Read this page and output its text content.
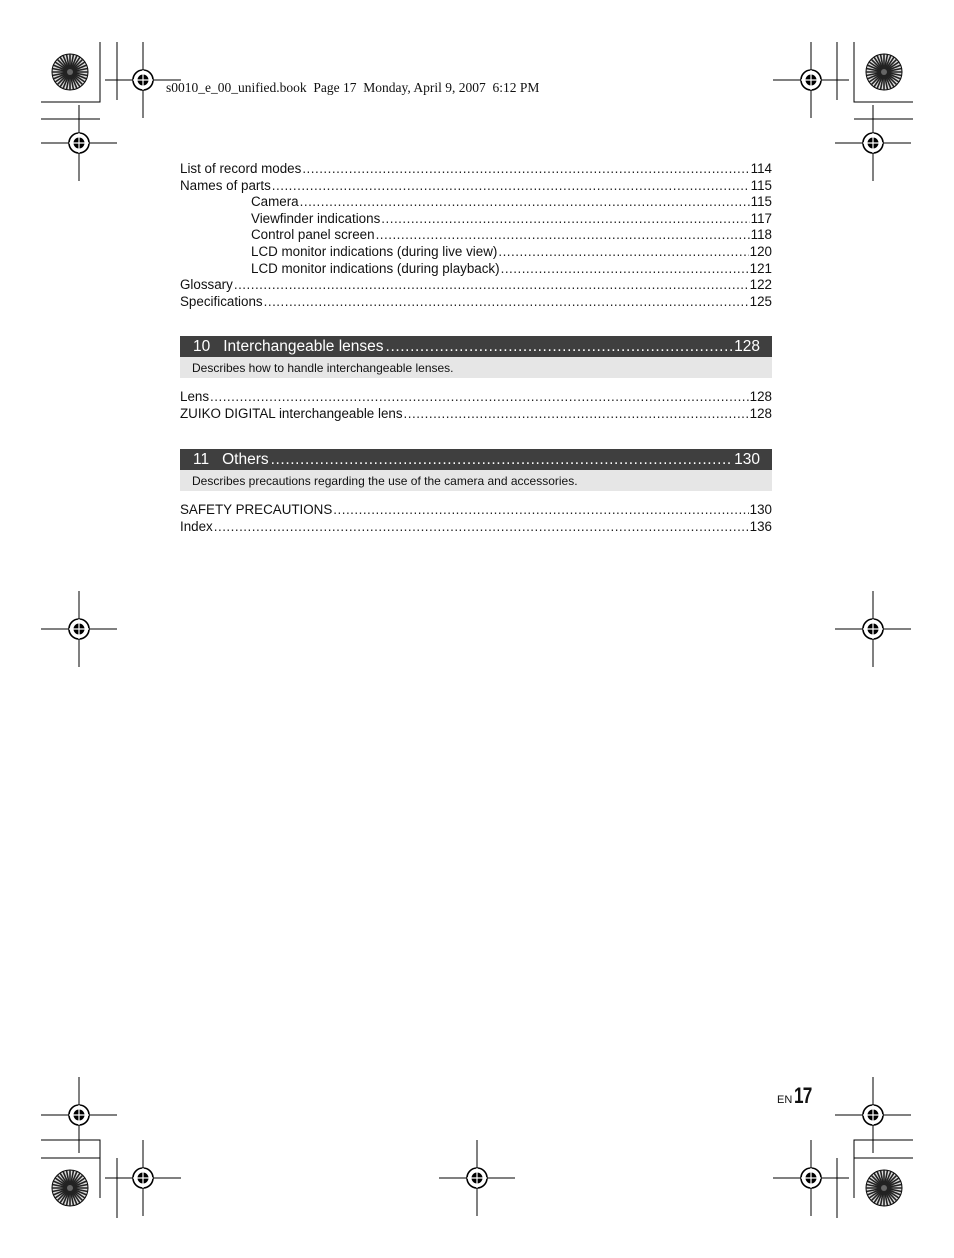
s0010_e_00_unified.book  Page 17  Monday, April 9, 2007  6:12 PM
List of record modes .....	114
Names of parts .....	115
Camera .....	115
Viewfinder indications .....	117
Control panel screen .....	118
LCD monitor indications (during live view) .....	120
LCD monitor indications (during playback) .....	121
Glossary .....	122
Specifications .....	125
10 Interchangeable lenses .....	128
Describes how to handle interchangeable lenses.
Lens .....	128
ZUIKO DIGITAL interchangeable lens .....	128
11 Others .....	130
Describes precautions regarding the use of the camera and accessories.
SAFETY PRECAUTIONS .....	130
Index .....	136
EN 17
